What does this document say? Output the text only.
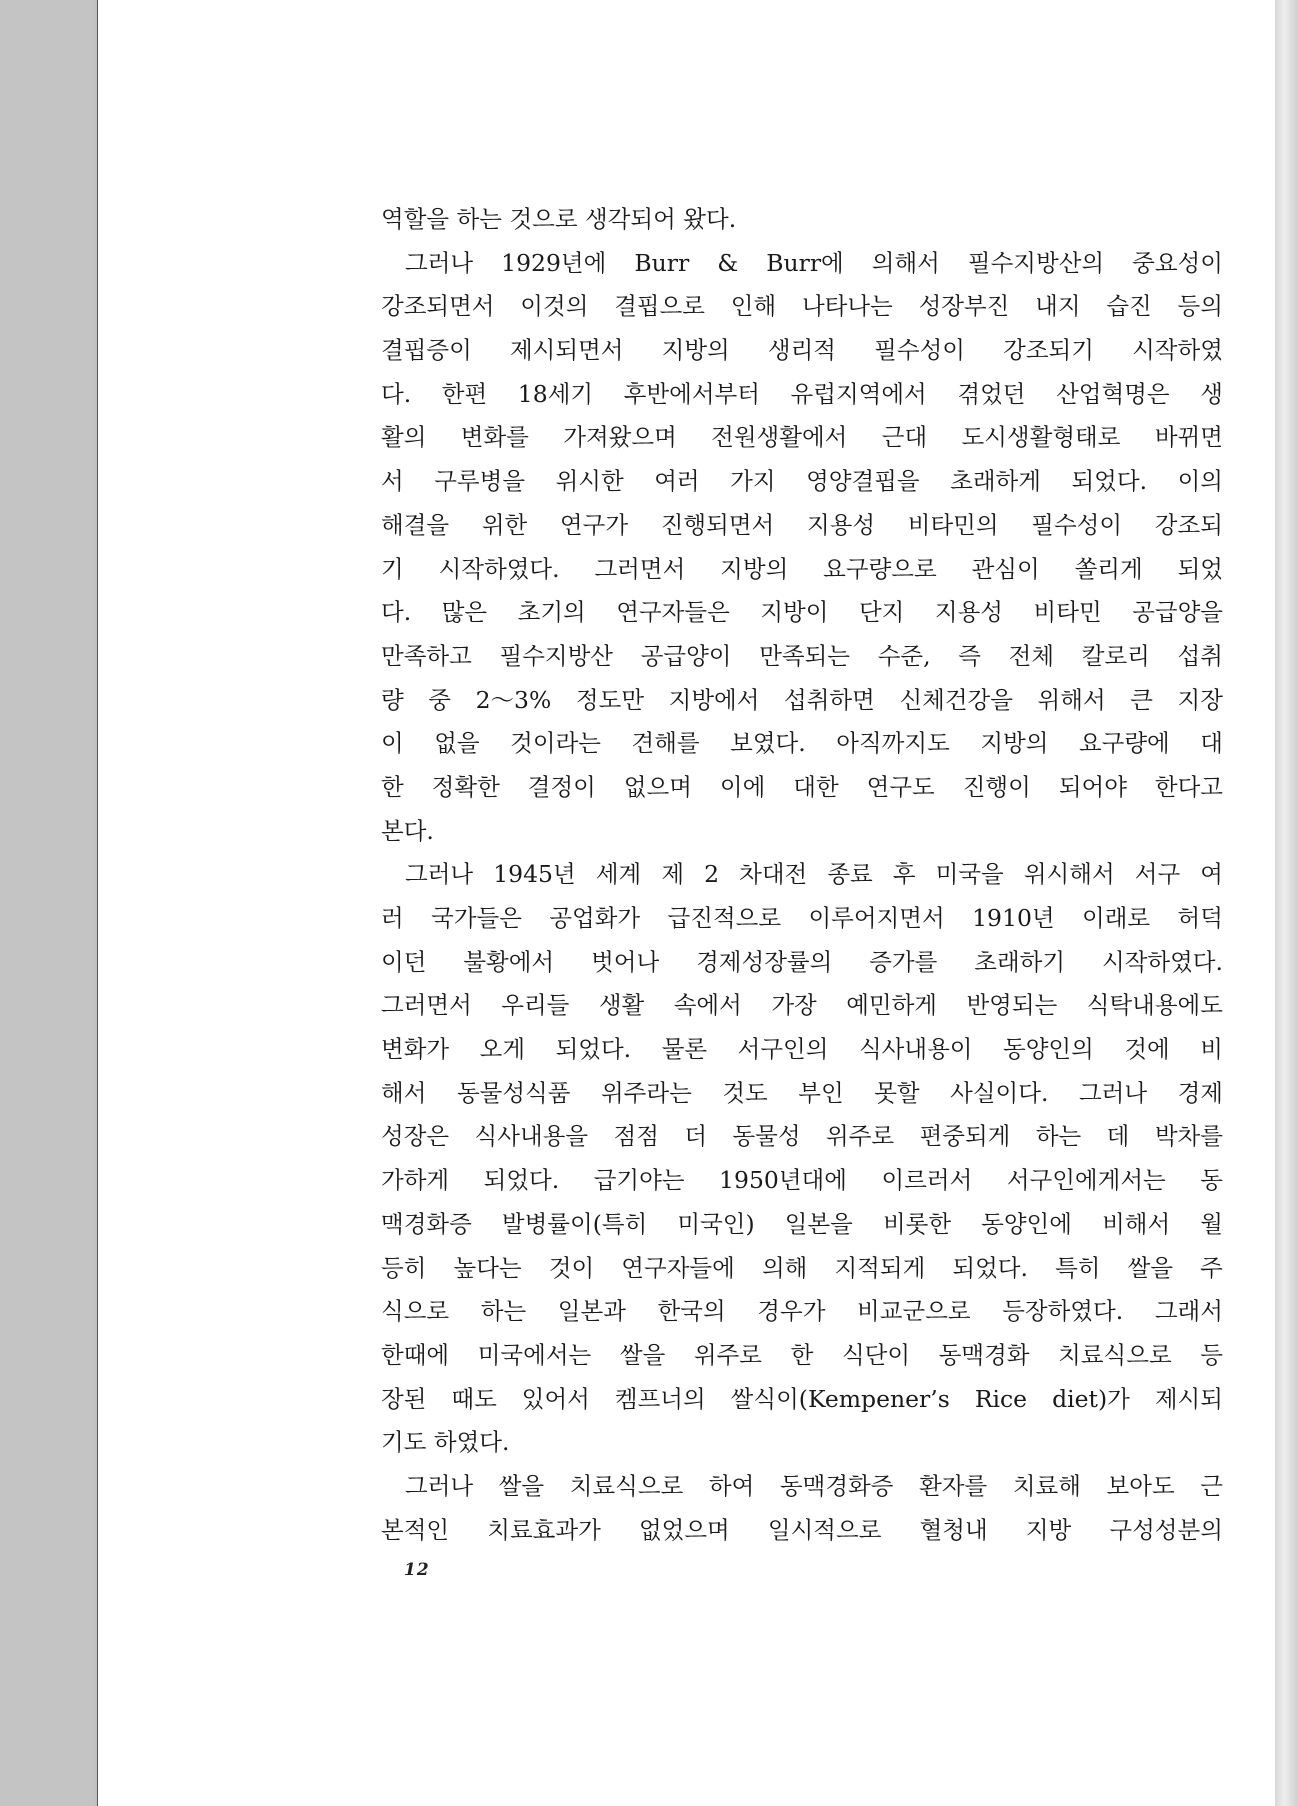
역할을 하는 것으로 생각되어 왔다.
그러나 1929년에 Burr & Burr에 의해서 필수지방산의 중요성이
강조되면서 이것의 결핍으로 인해 나타나는 성장부진 내지 습진 등의
결핍증이 제시되면서 지방의 생리적 필수성이 강조되기 시작하였
다. 한편 18세기 후반에서부터 유럽지역에서 겪었던 산업혁명은 생
활의 변화를 가져왔으며 전원생활에서 근대 도시생활형태로 바뀌면
서 구루병을 위시한 여러 가지 영양결핍을 초래하게 되었다. 이의
해결을 위한 연구가 진행되면서 지용성 비타민의 필수성이 강조되
기 시작하였다. 그러면서 지방의 요구량으로 관심이 쏠리게 되었
다. 많은 초기의 연구자들은 지방이 단지 지용성 비타민 공급양을
만족하고 필수지방산 공급양이 만족되는 수준, 즉 전체 칼로리 섭취
량 중 2～3% 정도만 지방에서 섭취하면 신체건강을 위해서 큰 지장
이 없을 것이라는 견해를 보였다. 아직까지도 지방의 요구량에 대
한 정확한 결정이 없으며 이에 대한 연구도 진행이 되어야 한다고
본다.
그러나 1945년 세계 제 2 차대전 종료 후 미국을 위시해서 서구 여
러 국가들은 공업화가 급진적으로 이루어지면서 1910년 이래로 허덕
이던 불황에서 벗어나 경제성장률의 증가를 초래하기 시작하였다.
그러면서 우리들 생활 속에서 가장 예민하게 반영되는 식탁내용에도
변화가 오게 되었다. 물론 서구인의 식사내용이 동양인의 것에 비
해서 동물성식품 위주라는 것도 부인 못할 사실이다. 그러나 경제
성장은 식사내용을 점점 더 동물성 위주로 편중되게 하는 데 박차를
가하게 되었다. 급기야는 1950년대에 이르러서 서구인에게서는 동
맥경화증 발병률이(특히 미국인) 일본을 비롯한 동양인에 비해서 월
등히 높다는 것이 연구자들에 의해 지적되게 되었다. 특히 쌀을 주
식으로 하는 일본과 한국의 경우가 비교군으로 등장하였다. 그래서
한때에 미국에서는 쌀을 위주로 한 식단이 동맥경화 치료식으로 등
장된 때도 있어서 켐프너의 쌀식이(Kempener’s Rice diet)가 제시되
기도 하였다.
그러나 쌀을 치료식으로 하여 동맥경화증 환자를 치료해 보아도 근
본적인 치료효과가 없었으며 일시적으로 혈청내 지방 구성성분의
12
